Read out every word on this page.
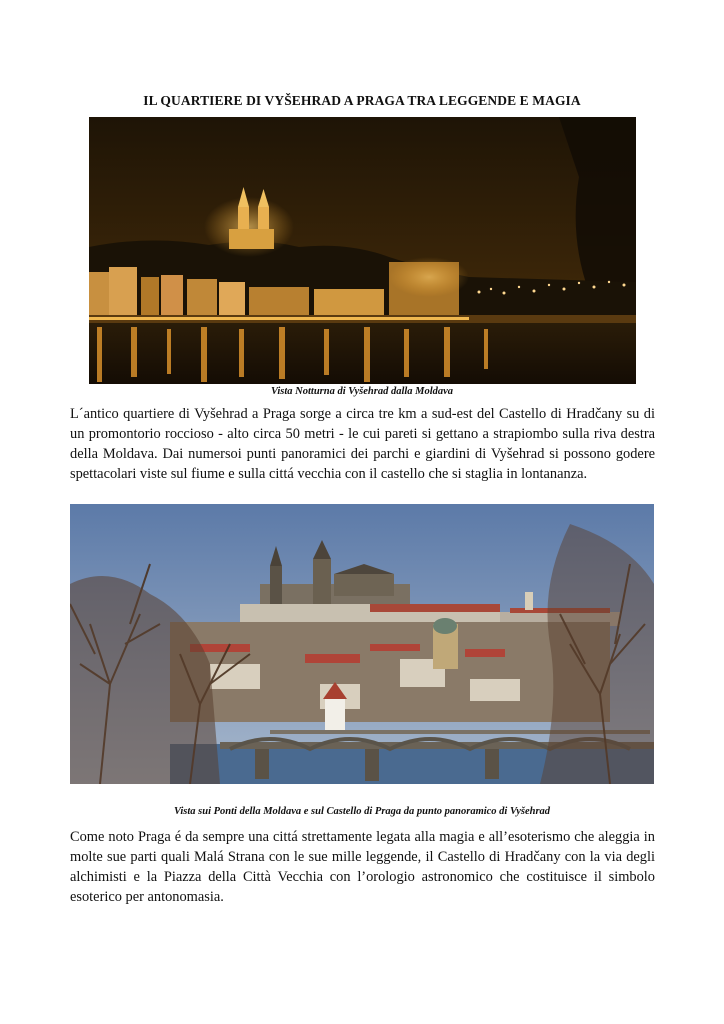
IL QUARTIERE DI VYŠEHRAD A PRAGA TRA LEGGENDE E MAGIA
Vista Notturna di Vyšehrad dalla Moldava
L´antico quartiere di Vyšehrad a Praga sorge a circa tre km a sud-est del Castello di Hradčany su di un promontorio roccioso - alto circa 50 metri - le cui pareti si gettano a strapiombo sulla riva destra della Moldava. Dai numersoi punti panoramici dei parchi e giardini di Vyšehrad si possono godere spettacolari viste sul fiume e sulla cittá vecchia con il castello che si staglia in lontananza.
Vista sui Ponti della Moldava e sul Castello di Praga da punto panoramico di Vyšehrad
Come noto Praga é da sempre una cittá strettamente legata alla magia e all’esoterismo che aleggia in molte sue parti quali Malá Strana con le sue mille leggende, il Castello di Hradčany con la via degli alchimisti e la Piazza della Città Vecchia con l’orologio astronomico che costituisce il simbolo esoterico per antonomasia.
